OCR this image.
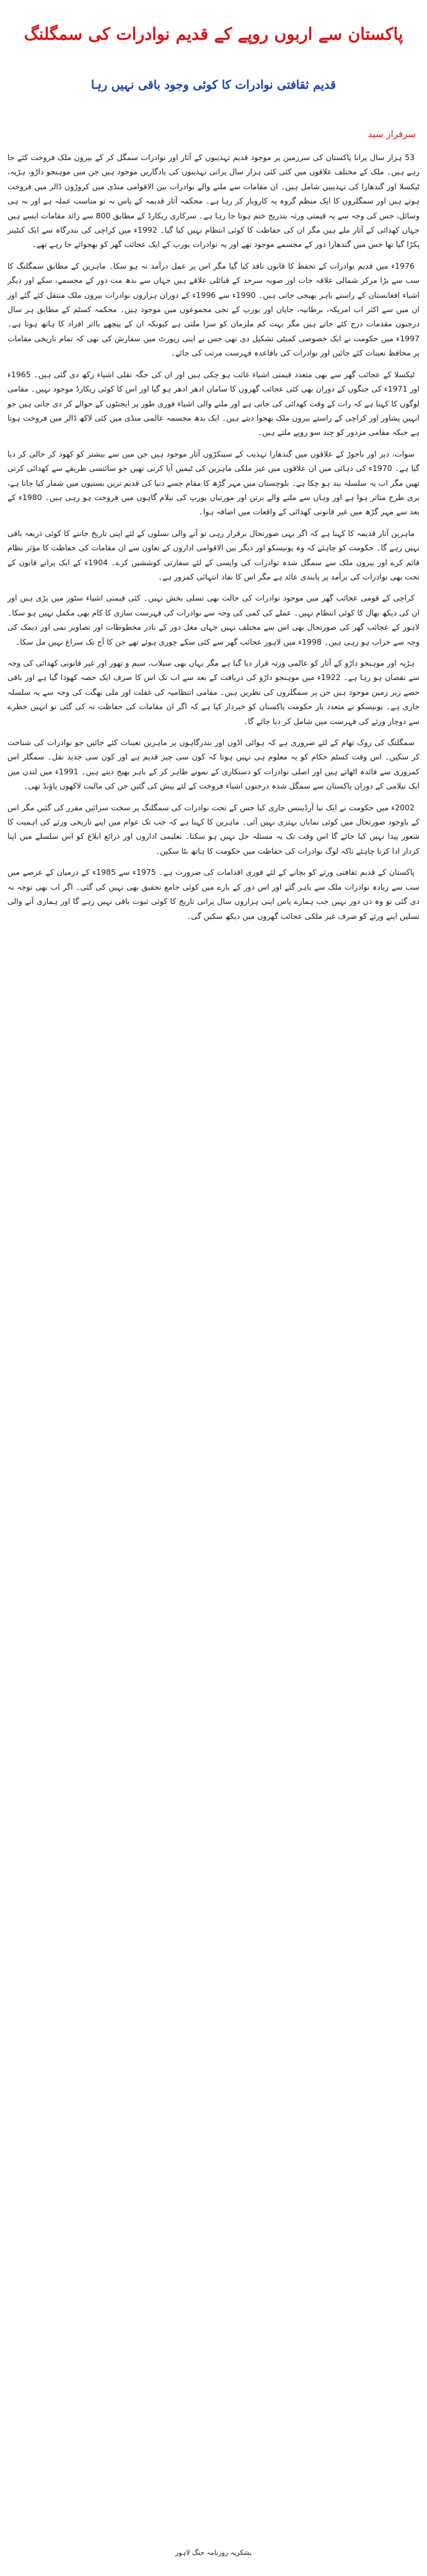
پاکستان سے اربوں روپے کے قدیم نوادرات کی سمگلنگ
قدیم ثقافتی نوادرات کا کوئی وجود باقی نہیں رہا
سرفراز سید

53 ہزار سال پرانا پاکستان کی سرزمین پر موجود قدیم تہذیبوں کے آثار اور نوادرات سمگل کر کے بیرون ملک فروخت کئے جا رہے ہیں۔ ملک کے مختلف علاقوں میں کئی کئی ہزار سال پرانی تہذیبوں کی یادگاریں موجود ہیں جن میں موہنجو داڑو، ہڑپہ، ٹیکسلا اور گندھارا کی تہذیبیں شامل ہیں۔ ان مقامات سے ملنے والے نوادرات بین الاقوامی منڈی میں کروڑوں ڈالر میں فروخت ہوتے ہیں اور سمگلروں کا ایک منظم گروہ یہ کاروبار کر رہا ہے۔ محکمہ آثار قدیمہ کے پاس نہ تو مناسب عملہ ہے اور نہ ہی وسائل، جس کی وجہ سے یہ قیمتی ورثہ بتدریج ختم ہوتا جا رہا ہے۔ سرکاری ریکارڈ کے مطابق 800 سے زائد مقامات ایسے ہیں جہاں کھدائی کے آثار ملے ہیں مگر ان کی حفاظت کا کوئی انتظام نہیں کیا گیا۔ 1992ء میں کراچی کی بندرگاہ سے ایک کنٹینر پکڑا گیا تھا جس میں گندھارا دور کے مجسمے موجود تھے اور یہ نوادرات یورپ کے ایک عجائب گھر کو بھجوائے جا رہے تھے۔

1976ء میں قدیم نوادرات کے تحفظ کا قانون نافذ کیا گیا مگر اس پر عمل درآمد نہ ہو سکا۔ ماہرین کے مطابق سمگلنگ کا سب سے بڑا مرکز شمالی علاقہ جات اور صوبہ سرحد کے قبائلی علاقے ہیں جہاں سے بدھ مت دور کے مجسمے، سکے اور دیگر اشیاء افغانستان کے راستے باہر بھیجی جاتی ہیں۔ 1990ء سے 1996ء کے دوران ہزاروں نوادرات بیرون ملک منتقل کئے گئے اور ان میں سے اکثر اب امریکہ، برطانیہ، جاپان اور یورپ کے نجی مجموعوں میں موجود ہیں۔ محکمہ کسٹم کے مطابق ہر سال درجنوں مقدمات درج کئے جاتے ہیں مگر بہت کم ملزمان کو سزا ملتی ہے کیونکہ ان کے پیچھے بااثر افراد کا ہاتھ ہوتا ہے۔ 1997ء میں حکومت نے ایک خصوصی کمیٹی تشکیل دی تھی جس نے اپنی رپورٹ میں سفارش کی تھی کہ تمام تاریخی مقامات پر محافظ تعینات کئے جائیں اور نوادرات کی باقاعدہ فہرست مرتب کی جائے۔

ٹیکسلا کے عجائب گھر سے بھی متعدد قیمتی اشیاء غائب ہو چکی ہیں اور ان کی جگہ نقلی اشیاء رکھ دی گئی ہیں۔ 1965ء اور 1971ء کی جنگوں کے دوران بھی کئی عجائب گھروں کا سامان ادھر ادھر ہو گیا اور اس کا کوئی ریکارڈ موجود نہیں۔ مقامی لوگوں کا کہنا ہے کہ رات کے وقت کھدائی کی جاتی ہے اور ملنے والی اشیاء فوری طور پر ایجنٹوں کے حوالے کر دی جاتی ہیں جو انہیں پشاور اور کراچی کے راستے بیرون ملک بھجوا دیتے ہیں۔ ایک بدھ مجسمہ عالمی منڈی میں کئی لاکھ ڈالر میں فروخت ہوتا ہے جبکہ مقامی مزدور کو چند سو روپے ملتے ہیں۔

سوات، دیر اور باجوڑ کے علاقوں میں گندھارا تہذیب کے سینکڑوں آثار موجود ہیں جن میں سے بیشتر کو کھود کر خالی کر دیا گیا ہے۔ 1970ء کی دہائی میں ان علاقوں میں غیر ملکی ماہرین کی ٹیمیں آیا کرتی تھیں جو سائنسی طریقے سے کھدائی کرتی تھیں مگر اب یہ سلسلہ بند ہو چکا ہے۔ بلوچستان میں مہر گڑھ کا مقام جسے دنیا کی قدیم ترین بستیوں میں شمار کیا جاتا ہے، بری طرح متاثر ہوا ہے اور وہاں سے ملنے والے برتن اور مورتیاں یورپ کی نیلام گاہوں میں فروخت ہو رہی ہیں۔ 1980ء کے بعد سے مہر گڑھ میں غیر قانونی کھدائی کے واقعات میں اضافہ ہوا۔

ماہرین آثار قدیمہ کا کہنا ہے کہ اگر یہی صورتحال برقرار رہی تو آنے والی نسلوں کے لئے اپنی تاریخ جاننے کا کوئی ذریعہ باقی نہیں رہے گا۔ حکومت کو چاہئے کہ وہ یونیسکو اور دیگر بین الاقوامی اداروں کے تعاون سے ان مقامات کی حفاظت کا مؤثر نظام قائم کرے اور بیرون ملک سے سمگل شدہ نوادرات کی واپسی کے لئے سفارتی کوششیں کرے۔ 1904ء کے ایک پرانے قانون کے تحت بھی نوادرات کی برآمد پر پابندی عائد ہے مگر اس کا نفاذ انتہائی کمزور ہے۔

کراچی کے قومی عجائب گھر میں موجود نوادرات کی حالت بھی تسلی بخش نہیں۔ کئی قیمتی اشیاء سٹور میں پڑی ہیں اور ان کی دیکھ بھال کا کوئی انتظام نہیں۔ عملے کی کمی کی وجہ سے نوادرات کی فہرست سازی کا کام بھی مکمل نہیں ہو سکا۔ لاہور کے عجائب گھر کی صورتحال بھی اس سے مختلف نہیں جہاں مغل دور کے نادر مخطوطات اور تصاویر نمی اور دیمک کی وجہ سے خراب ہو رہی ہیں۔ 1998ء میں لاہور عجائب گھر سے کئی سکے چوری ہوئے تھے جن کا آج تک سراغ نہیں مل سکا۔

ہڑپہ اور موہنجو داڑو کے آثار کو عالمی ورثہ قرار دیا گیا ہے مگر یہاں بھی سیلاب، سیم و تھور اور غیر قانونی کھدائی کی وجہ سے نقصان ہو رہا ہے۔ 1922ء میں موہنجو داڑو کی دریافت کے بعد سے اب تک اس کا صرف ایک حصہ کھودا گیا ہے اور باقی حصے زیر زمین موجود ہیں جن پر سمگلروں کی نظریں ہیں۔ مقامی انتظامیہ کی غفلت اور ملی بھگت کی وجہ سے یہ سلسلہ جاری ہے۔ یونیسکو نے متعدد بار حکومت پاکستان کو خبردار کیا ہے کہ اگر ان مقامات کی حفاظت نہ کی گئی تو انہیں خطرے سے دوچار ورثے کی فہرست میں شامل کر دیا جائے گا۔

سمگلنگ کی روک تھام کے لئے ضروری ہے کہ ہوائی اڈوں اور بندرگاہوں پر ماہرین تعینات کئے جائیں جو نوادرات کی شناخت کر سکیں۔ اس وقت کسٹم حکام کو یہ معلوم ہی نہیں ہوتا کہ کون سی چیز قدیم ہے اور کون سی جدید نقل۔ سمگلر اس کمزوری سے فائدہ اٹھاتے ہیں اور اصلی نوادرات کو دستکاری کے نمونے ظاہر کر کے باہر بھیج دیتے ہیں۔ 1991ء میں لندن میں ایک نیلامی کے دوران پاکستان سے سمگل شدہ درجنوں اشیاء فروخت کے لئے پیش کی گئیں جن کی مالیت لاکھوں پاؤنڈ تھی۔

2002ء میں حکومت نے ایک نیا آرڈیننس جاری کیا جس کے تحت نوادرات کی سمگلنگ پر سخت سزائیں مقرر کی گئیں مگر اس کے باوجود صورتحال میں کوئی نمایاں بہتری نہیں آئی۔ ماہرین کا کہنا ہے کہ جب تک عوام میں اپنے تاریخی ورثے کی اہمیت کا شعور پیدا نہیں کیا جائے گا اس وقت تک یہ مسئلہ حل نہیں ہو سکتا۔ تعلیمی اداروں اور ذرائع ابلاغ کو اس سلسلے میں اپنا کردار ادا کرنا چاہئے تاکہ لوگ نوادرات کی حفاظت میں حکومت کا ہاتھ بٹا سکیں۔

پاکستان کے قدیم ثقافتی ورثے کو بچانے کے لئے فوری اقدامات کی ضرورت ہے۔ 1975ء سے 1985ء کے درمیان کے عرصے میں سب سے زیادہ نوادرات ملک سے باہر گئے اور اس دور کے بارے میں کوئی جامع تحقیق بھی نہیں کی گئی۔ اگر اب بھی توجہ نہ دی گئی تو وہ دن دور نہیں جب ہمارے پاس اپنی ہزاروں سال پرانی تاریخ کا کوئی ثبوت باقی نہیں رہے گا اور ہماری آنے والی نسلیں اپنے ورثے کو صرف غیر ملکی عجائب گھروں میں دیکھ سکیں گی۔

بشکریہ روزنامہ جنگ لاہور
